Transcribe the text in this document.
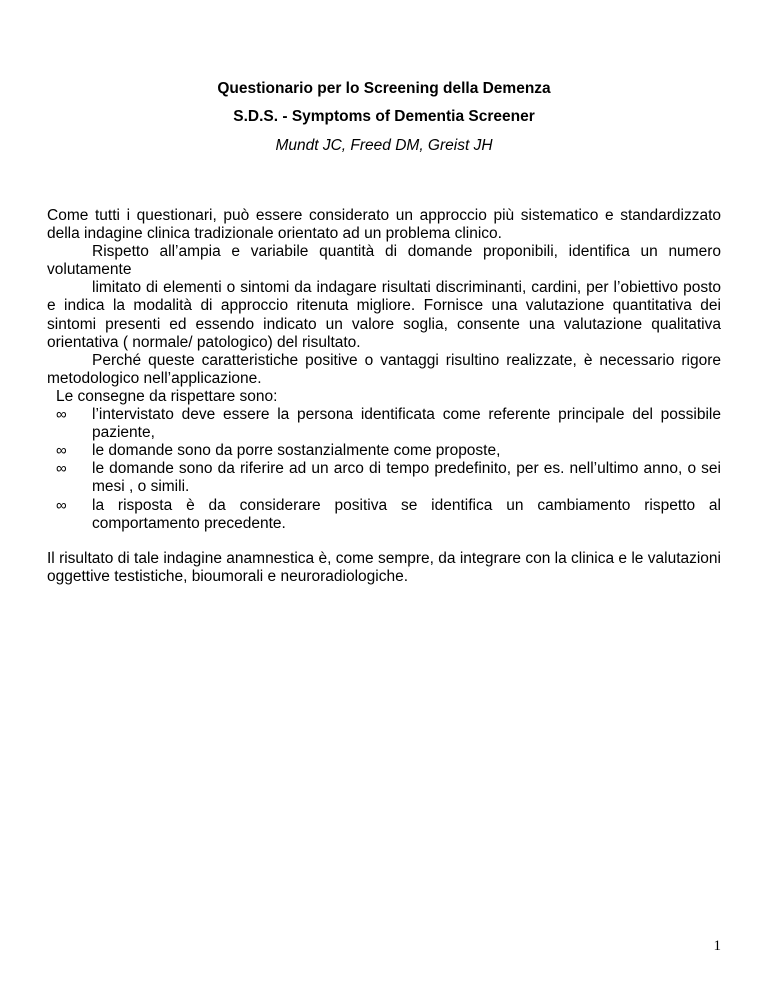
Questionario per lo Screening della Demenza
S.D.S. - Symptoms of Dementia Screener
Mundt JC, Freed DM, Greist JH

Come tutti i questionari, può essere considerato un approccio più sistematico e standardizzato della indagine clinica tradizionale orientato ad un problema clinico.

Rispetto all’ampia e variabile quantità di domande proponibili, identifica un numero volutamente

limitato di elementi o sintomi da indagare risultati discriminanti, cardini, per l’obiettivo posto e indica la modalità di approccio ritenuta migliore. Fornisce una valutazione quantitativa dei sintomi presenti ed essendo indicato un valore soglia, consente una valutazione qualitativa orientativa ( normale/ patologico) del risultato.

Perché queste caratteristiche positive o vantaggi risultino realizzate, è necessario rigore metodologico nell’applicazione.

Le consegne da rispettare sono:

∞ l’intervistato deve essere la persona identificata come referente principale del possibile paziente,
∞ le domande sono da porre sostanzialmente come proposte,
∞ le domande sono da riferire ad un arco di tempo predefinito, per es. nell’ultimo anno, o sei mesi , o simili.
∞ la risposta è da considerare positiva se identifica un cambiamento rispetto al comportamento precedente.

Il risultato di tale indagine anamnestica è, come sempre, da integrare con la clinica e le valutazioni oggettive testistiche, bioumorali e neuroradiologiche.

1
